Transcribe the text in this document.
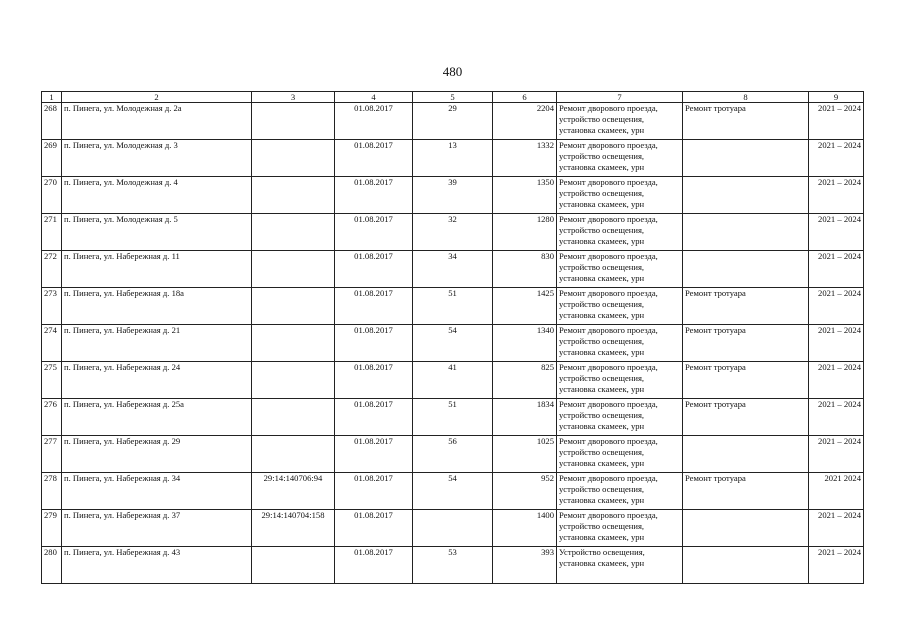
480
1	2	3	4	5	6	7	8	9
268	п. Пинега, ул. Молодежная д. 2а		01.08.2017	29	2204	Ремонт дворового проезда,
устройство освещения,
установка скамеек, урн	Ремонт тротуара	2021 – 2024
269	п. Пинега, ул. Молодежная д. 3		01.08.2017	13	1332	Ремонт дворового проезда,
устройство освещения,
установка скамеек, урн		2021 – 2024
270	п. Пинега, ул. Молодежная д. 4		01.08.2017	39	1350	Ремонт дворового проезда,
устройство освещения,
установка скамеек, урн		2021 – 2024
271	п. Пинега, ул. Молодежная д. 5		01.08.2017	32	1280	Ремонт дворового проезда,
устройство освещения,
установка скамеек, урн		2021 – 2024
272	п. Пинега, ул. Набережная д. 11		01.08.2017	34	830	Ремонт дворового проезда,
устройство освещения,
установка скамеек, урн		2021 – 2024
273	п. Пинега, ул. Набережная д. 18а		01.08.2017	51	1425	Ремонт дворового проезда,
устройство освещения,
установка скамеек, урн	Ремонт тротуара	2021 – 2024
274	п. Пинега, ул. Набережная д. 21		01.08.2017	54	1340	Ремонт дворового проезда,
устройство освещения,
установка скамеек, урн	Ремонт тротуара	2021 – 2024
275	п. Пинега, ул. Набережная д. 24		01.08.2017	41	825	Ремонт дворового проезда,
устройство освещения,
установка скамеек, урн	Ремонт тротуара	2021 – 2024
276	п. Пинега, ул. Набережная д. 25а		01.08.2017	51	1834	Ремонт дворового проезда,
устройство освещения,
установка скамеек, урн	Ремонт тротуара	2021 – 2024
277	п. Пинега, ул. Набережная д. 29		01.08.2017	56	1025	Ремонт дворового проезда,
устройство освещения,
установка скамеек, урн		2021 – 2024
278	п. Пинега, ул. Набережная д. 34	29:14:140706:94	01.08.2017	54	952	Ремонт дворового проезда,
устройство освещения,
установка скамеек, урн	Ремонт тротуара	2021 2024
279	п. Пинега, ул. Набережная д. 37	29:14:140704:158	01.08.2017		1400	Ремонт дворового проезда,
устройство освещения,
установка скамеек, урн		2021 – 2024
280	п. Пинега, ул. Набережная д. 43		01.08.2017	53	393	Устройство освещения,
установка скамеек, урн		2021 – 2024
